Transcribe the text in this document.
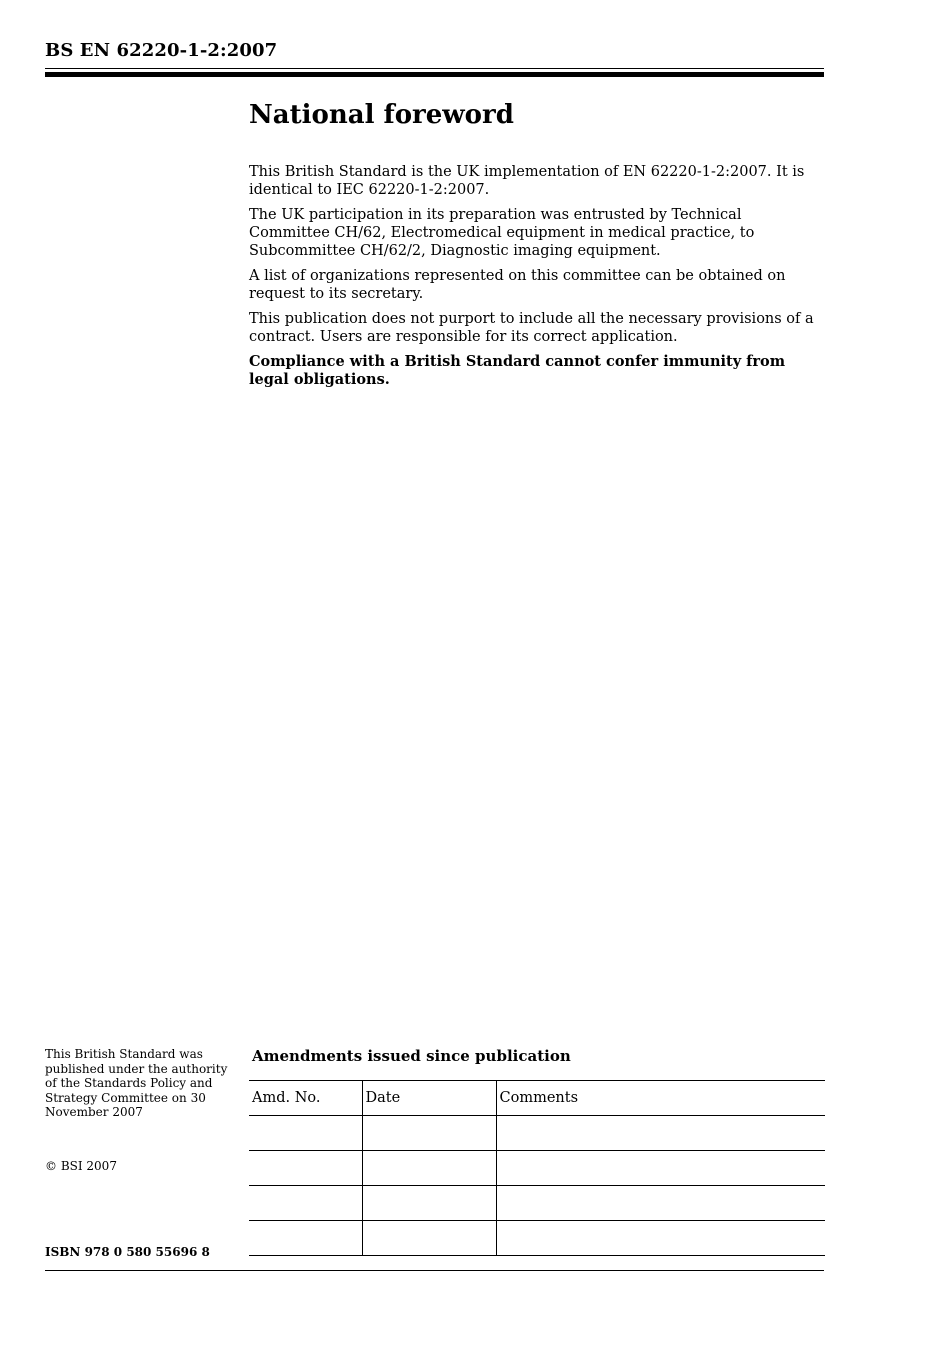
BS EN 62220-1-2:2007
National foreword

This British Standard is the UK implementation of EN 62220-1-2:2007. It is identical to IEC 62220-1-2:2007.

The UK participation in its preparation was entrusted by Technical Committee CH/62, Electromedical equipment in medical practice, to Subcommittee CH/62/2, Diagnostic imaging equipment.

A list of organizations represented on this committee can be obtained on request to its secretary.

This publication does not purport to include all the necessary provisions of a contract. Users are responsible for its correct application.

Compliance with a British Standard cannot confer immunity from legal obligations.

This British Standard was published under the authority of the Standards Policy and Strategy Committee on 30 November 2007
© BSI 2007
ISBN 978 0 580 55696 8
Amendments issued since publication
Amd. No.	Date	Comments
